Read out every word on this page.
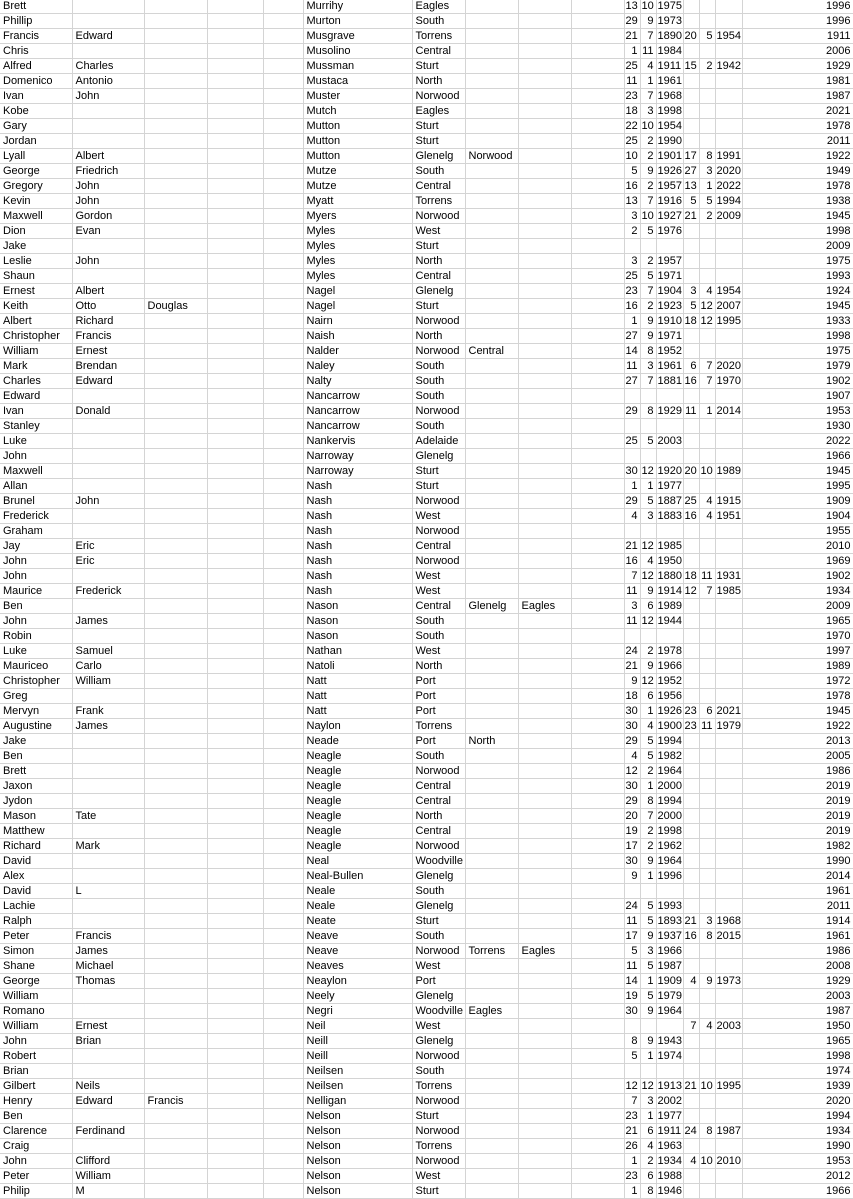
Brett					Murrihy	Eagles				13	10	1975				1996
Phillip					Murton	South				29	9	1973				1996
Francis	Edward				Musgrave	Torrens				21	7	1890	20	5	1954	1911
Chris					Musolino	Central				1	11	1984				2006
Alfred	Charles				Mussman	Sturt				25	4	1911	15	2	1942	1929
Domenico	Antonio				Mustaca	North				11	1	1961				1981
Ivan	John				Muster	Norwood				23	7	1968				1987
Kobe					Mutch	Eagles				18	3	1998				2021
Gary					Mutton	Sturt				22	10	1954				1978
Jordan					Mutton	Sturt				25	2	1990				2011
Lyall	Albert				Mutton	Glenelg	Norwood			10	2	1901	17	8	1991	1922
George	Friedrich				Mutze	South				5	9	1926	27	3	2020	1949
Gregory	John				Mutze	Central				16	2	1957	13	1	2022	1978
Kevin	John				Myatt	Torrens				13	7	1916	5	5	1994	1938
Maxwell	Gordon				Myers	Norwood				3	10	1927	21	2	2009	1945
Dion	Evan				Myles	West				2	5	1976				1998
Jake					Myles	Sturt										2009
Leslie	John				Myles	North				3	2	1957				1975
Shaun					Myles	Central				25	5	1971				1993
Ernest	Albert				Nagel	Glenelg				23	7	1904	3	4	1954	1924
Keith	Otto	Douglas			Nagel	Sturt				16	2	1923	5	12	2007	1945
Albert	Richard				Nairn	Norwood				1	9	1910	18	12	1995	1933
Christopher	Francis				Naish	North				27	9	1971				1998
William	Ernest				Nalder	Norwood	Central			14	8	1952				1975
Mark	Brendan				Naley	South				11	3	1961	6	7	2020	1979
Charles	Edward				Nalty	South				27	7	1881	16	7	1970	1902
Edward					Nancarrow	South										1907
Ivan	Donald				Nancarrow	Norwood				29	8	1929	11	1	2014	1953
Stanley					Nancarrow	South										1930
Luke					Nankervis	Adelaide				25	5	2003				2022
John					Narroway	Glenelg										1966
Maxwell					Narroway	Sturt				30	12	1920	20	10	1989	1945
Allan					Nash	Sturt				1	1	1977				1995
Brunel	John				Nash	Norwood				29	5	1887	25	4	1915	1909
Frederick					Nash	West				4	3	1883	16	4	1951	1904
Graham					Nash	Norwood										1955
Jay	Eric				Nash	Central				21	12	1985				2010
John	Eric				Nash	Norwood				16	4	1950				1969
John					Nash	West				7	12	1880	18	11	1931	1902
Maurice	Frederick				Nash	West				11	9	1914	12	7	1985	1934
Ben					Nason	Central	Glenelg	Eagles		3	6	1989				2009
John	James				Nason	South				11	12	1944				1965
Robin					Nason	South										1970
Luke	Samuel				Nathan	West				24	2	1978				1997
Mauriceo	Carlo				Natoli	North				21	9	1966				1989
Christopher	William				Natt	Port				9	12	1952				1972
Greg					Natt	Port				18	6	1956				1978
Mervyn	Frank				Natt	Port				30	1	1926	23	6	2021	1945
Augustine	James				Naylon	Torrens				30	4	1900	23	11	1979	1922
Jake					Neade	Port	North			29	5	1994				2013
Ben					Neagle	South				4	5	1982				2005
Brett					Neagle	Norwood				12	2	1964				1986
Jaxon					Neagle	Central				30	1	2000				2019
Jydon					Neagle	Central				29	8	1994				2019
Mason	Tate				Neagle	North				20	7	2000				2019
Matthew					Neagle	Central				19	2	1998				2019
Richard	Mark				Neagle	Norwood				17	2	1962				1982
David					Neal	Woodville				30	9	1964				1990
Alex					Neal-Bullen	Glenelg				9	1	1996				2014
David	L				Neale	South										1961
Lachie					Neale	Glenelg				24	5	1993				2011
Ralph					Neate	Sturt				11	5	1893	21	3	1968	1914
Peter	Francis				Neave	South				17	9	1937	16	8	2015	1961
Simon	James				Neave	Norwood	Torrens	Eagles		5	3	1966				1986
Shane	Michael				Neaves	West				11	5	1987				2008
George	Thomas				Neaylon	Port				14	1	1909	4	9	1973	1929
William					Neely	Glenelg				19	5	1979				2003
Romano					Negri	Woodville	Eagles			30	9	1964				1987
William	Ernest				Neil	West							7	4	2003	1950
John	Brian				Neill	Glenelg				8	9	1943				1965
Robert					Neill	Norwood				5	1	1974				1998
Brian					Neilsen	South										1974
Gilbert	Neils				Neilsen	Torrens				12	12	1913	21	10	1995	1939
Henry	Edward	Francis			Nelligan	Norwood				7	3	2002				2020
Ben					Nelson	Sturt				23	1	1977				1994
Clarence	Ferdinand				Nelson	Norwood				21	6	1911	24	8	1987	1934
Craig					Nelson	Torrens				26	4	1963				1990
John	Clifford				Nelson	Norwood				1	2	1934	4	10	2010	1953
Peter	William				Nelson	West				23	6	1988				2012
Philip	M				Nelson	Sturt				1	8	1946				1966
